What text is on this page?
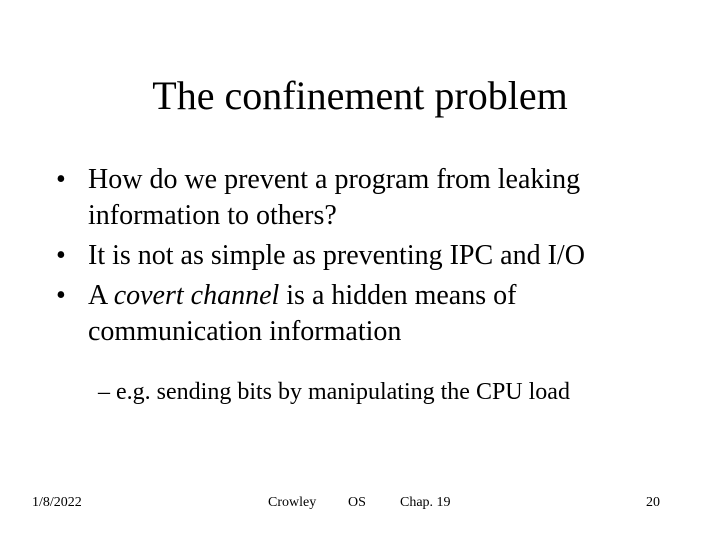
The confinement problem
• How do we prevent a program from leaking information to others?
• It is not as simple as preventing IPC and I/O
• A covert channel is a hidden means of communication information
– e.g. sending bits by manipulating the CPU load
1/8/2022	Crowley OS Chap. 19	20
